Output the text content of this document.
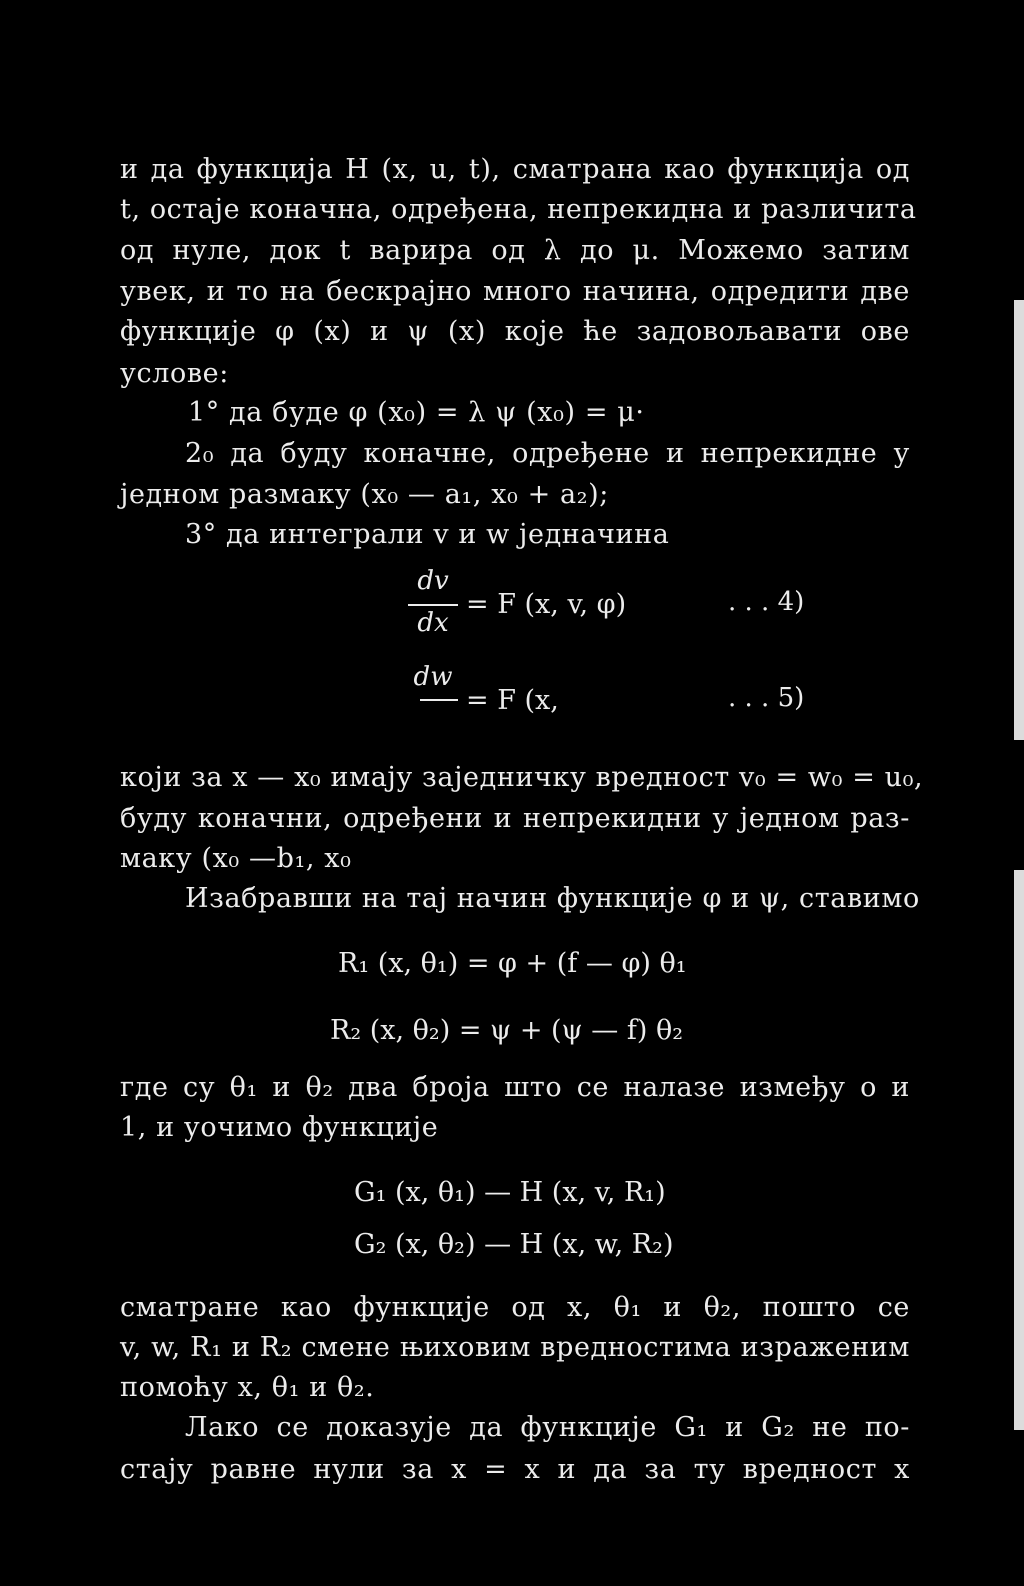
и да функција H (x, u, t), сматрана као функција од
t, остаје коначна, одређена, непрекидна и различита
од нуле, док t варира од λ до μ. Можемо затим
увек, и то на бескрајно много начина, одредити две
функције φ (x) и ψ (x) које ће задовољавати ове
услове:
1° да буде φ (x₀) = λ ψ (x₀) = μ·
2₀ да буду коначне, одређене и непрекидне у
једном размаку (x₀ — a₁, x₀ + a₂);
3° да интеграли v и w једначина
dv
dx
= F (x, v, φ)	. . . 4)
dw
= F (x,	. . . 5)
који за x — x₀ имају заједничку вредност v₀ = w₀ = u₀,
буду коначни, одређени и непрекидни у једном раз-
маку (x₀ —b₁, x₀
Изабравши на таj начин функције φ и ψ, ставимо
R₁ (x, θ₁) = φ + (f — φ) θ₁
R₂ (x, θ₂) = ψ + (ψ — f) θ₂
где су θ₁ и θ₂ два броја што се налазе између o и
1, и уочимо функције
G₁ (x, θ₁) — H (x, v, R₁)
G₂ (x, θ₂) — H (x, w, R₂)
сматране као функције од x, θ₁ и θ₂, пошто се
v, w, R₁ и R₂ смене њиховим вредностима израженим
помоћу x, θ₁ и θ₂.
Лако се доказује да функције G₁ и G₂ не по-
стају равне нули за x = x и да за ту вредност x
